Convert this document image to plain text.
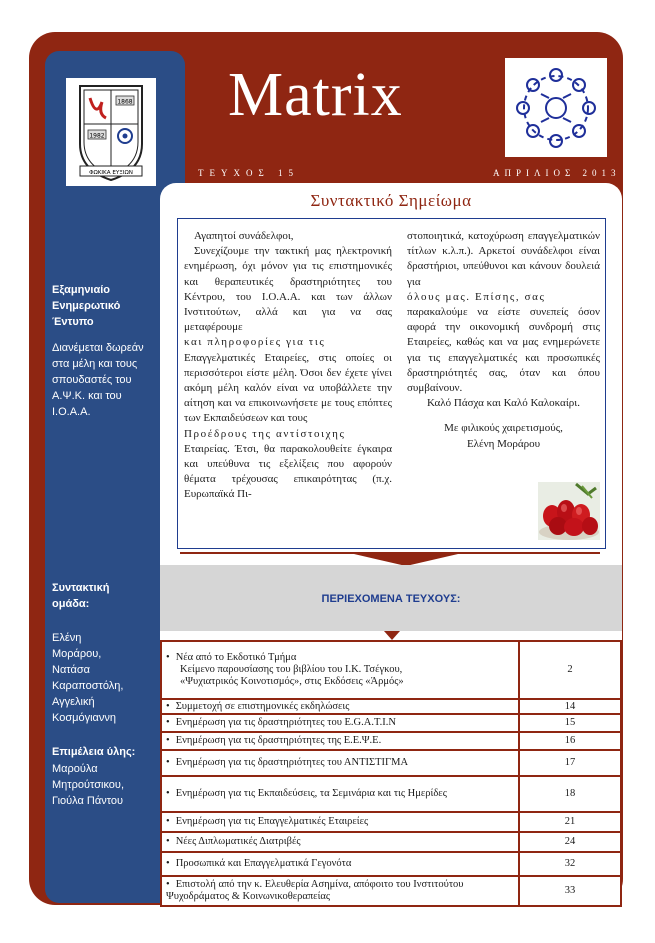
1868
1982
ΦΩΚΙΚΑ ΕΥΞΙΩΝ
Matrix
ΤΕΥΧΟΣ 15	ΑΠΡΙΛΙΟΣ 2013
Εξαμηνιαίο Ενημερωτικό Έντυπο
Διανέμεται δωρεάν στα μέλη και τους σπουδαστές του Α.Ψ.Κ. και του Ι.Ο.Α.Α.
Συντακτική ομάδα:
Ελένη
Μοράρου,
Νατάσα
Καραποστόλη,
Αγγελική
Κοσμόγιαννη
Επιμέλεια ύλης:
Μαρούλα
Μητρούτσικου,
Γιούλα Πάντου
Συντακτικό Σημείωμα

Αγαπητοί συνάδελφοι,

Συνεχίζουμε την τακτική μας ηλεκτρονική ενημέρωση, όχι μόνον για τις επιστημονικές και θεραπευτικές δραστηριότητες του Κέντρου, του Ι.Ο.Α.Α. και των άλλων Ινστιτούτων, αλλά και για να σας μεταφέρουμε

και πληροφορίες για τις

Επαγγελματικές Εταιρείες, στις οποίες οι περισσότεροι είστε μέλη. Όσοι δεν έχετε γίνει ακόμη μέλη καλόν είναι να υποβάλλετε την αίτηση και να επικοινωνήσετε με τους επόπτες των Εκπαιδεύσεων και τους

Προέδρους της αντίστοιχης

Εταιρείας. Έτσι, θα παρακολουθείτε έγκαιρα και υπεύθυνα τις εξελίξεις που αφορούν θέματα τρέχουσας επικαιρότητας (π.χ. Ευρωπαϊκά Πι-

στοποιητικά, κατοχύρωση επαγγελματικών τίτλων κ.λ.π.). Αρκετοί συνάδελφοι είναι δραστήριοι, υπεύθυνοι και κάνουν δουλειά για

όλους μας. Επίσης, σας

παρακαλούμε να είστε συνεπείς όσον αφορά την οικονομική συνδρομή στις Εταιρείες, καθώς και να μας ενημερώνετε για τις επαγγελματικές και προσωπικές δραστηριότητές σας, όταν και όπου συμβαίνουν.

Καλό Πάσχα και Καλό Καλοκαίρι.

Με φιλικούς χαιρετισμούς,

Ελένη Μοράρου

ΠΕΡΙΕΧΟΜΕΝΑ ΤΕΥΧΟΥΣ:
• Νέα από το Εκδοτικό Τμήμα
Κείμενο παρουσίασης του βιβλίου του Ι.Κ. Τσέγκου,
«Ψυχιατρικός Κοινοτισμός», στις Εκδόσεις «Άρμός»	2
• Συμμετοχή σε επιστημονικές εκδηλώσεις	14
• Ενημέρωση για τις δραστηριότητες του E.G.A.T.I.N	15
• Ενημέρωση για τις δραστηριότητες της Ε.Ε.Ψ.Ε.	16
• Ενημέρωση για τις δραστηριότητες του ΑΝΤΙΣΤΙΓΜΑ	17
• Ενημέρωση για τις Εκπαιδεύσεις, τα Σεμινάρια και τις Ημερίδες	18
• Ενημέρωση για τις Επαγγελματικές Εταιρείες	21
• Νέες Διπλωματικές Διατριβές	24
• Προσωπικά και Επαγγελματικά Γεγονότα	32
• Επιστολή από την κ. Ελευθερία Ασημίνα, απόφοιτο του Ινστιτούτου Ψυχοδράματος & Κοινωνικοθεραπείας	33
